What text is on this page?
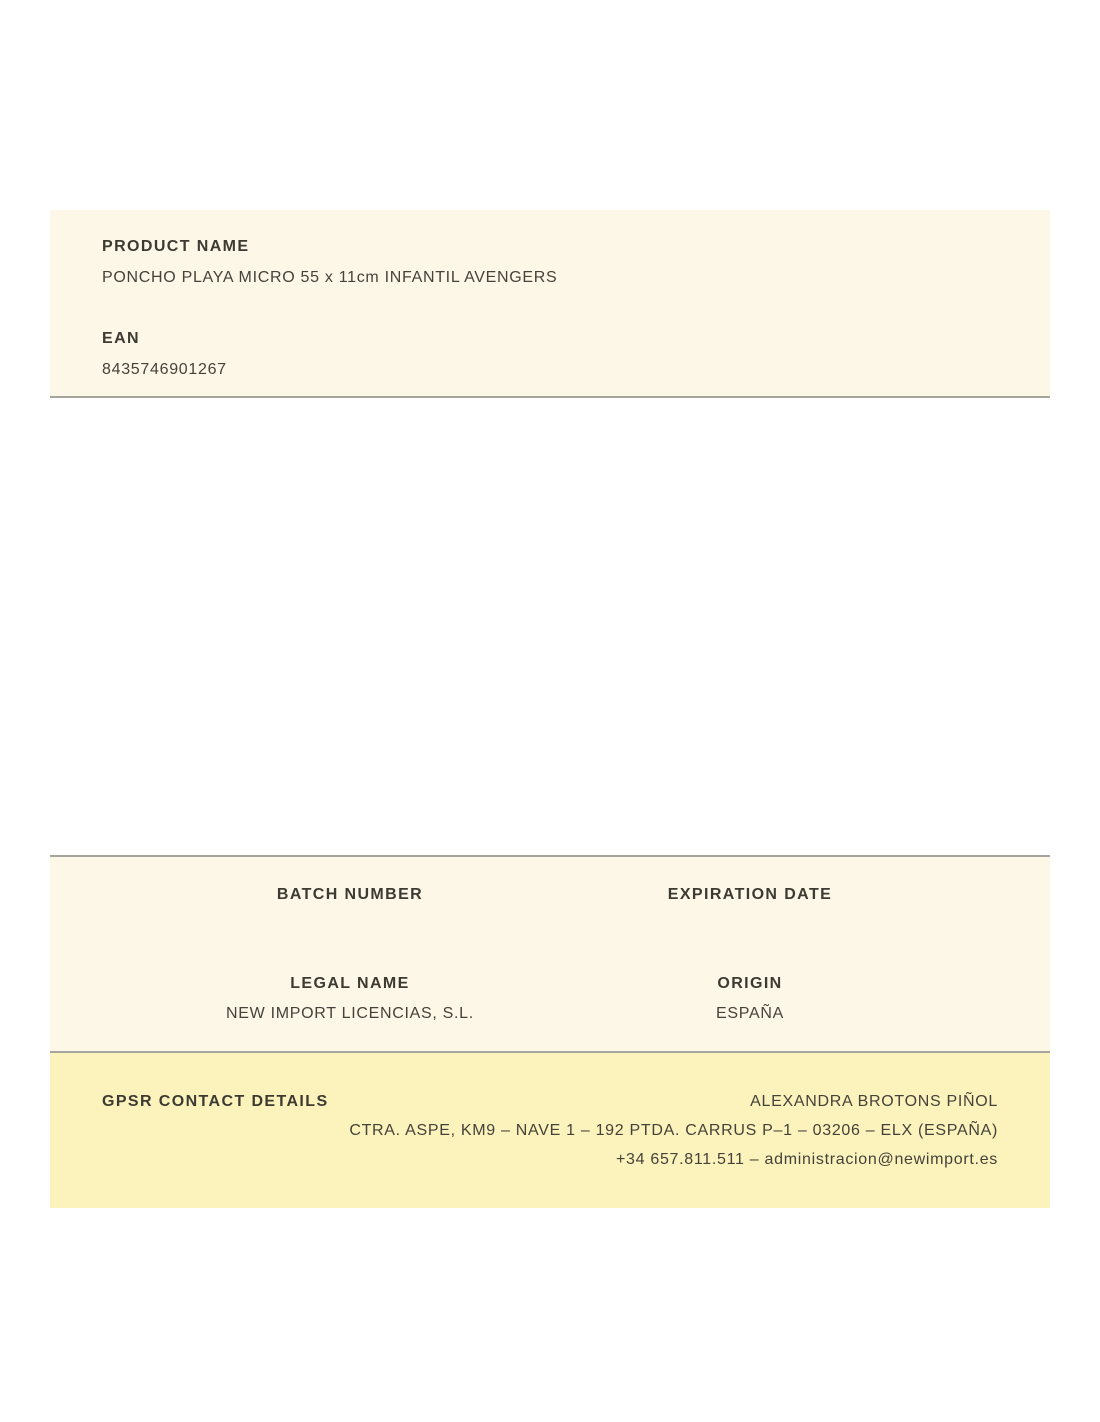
PRODUCT NAME
PONCHO PLAYA MICRO 55 x 11cm INFANTIL AVENGERS
EAN
8435746901267
BATCH NUMBER	EXPIRATION DATE
LEGAL NAME	ORIGIN
NEW IMPORT LICENCIAS, S.L.	ESPAÑA
GPSR CONTACT DETAILS	ALEXANDRA BROTONS PIÑOL
CTRA. ASPE, KM9 – NAVE 1 – 192 PTDA. CARRUS P–1 – 03206 – ELX (ESPAÑA)
+34 657.811.511 – administracion@newimport.es
